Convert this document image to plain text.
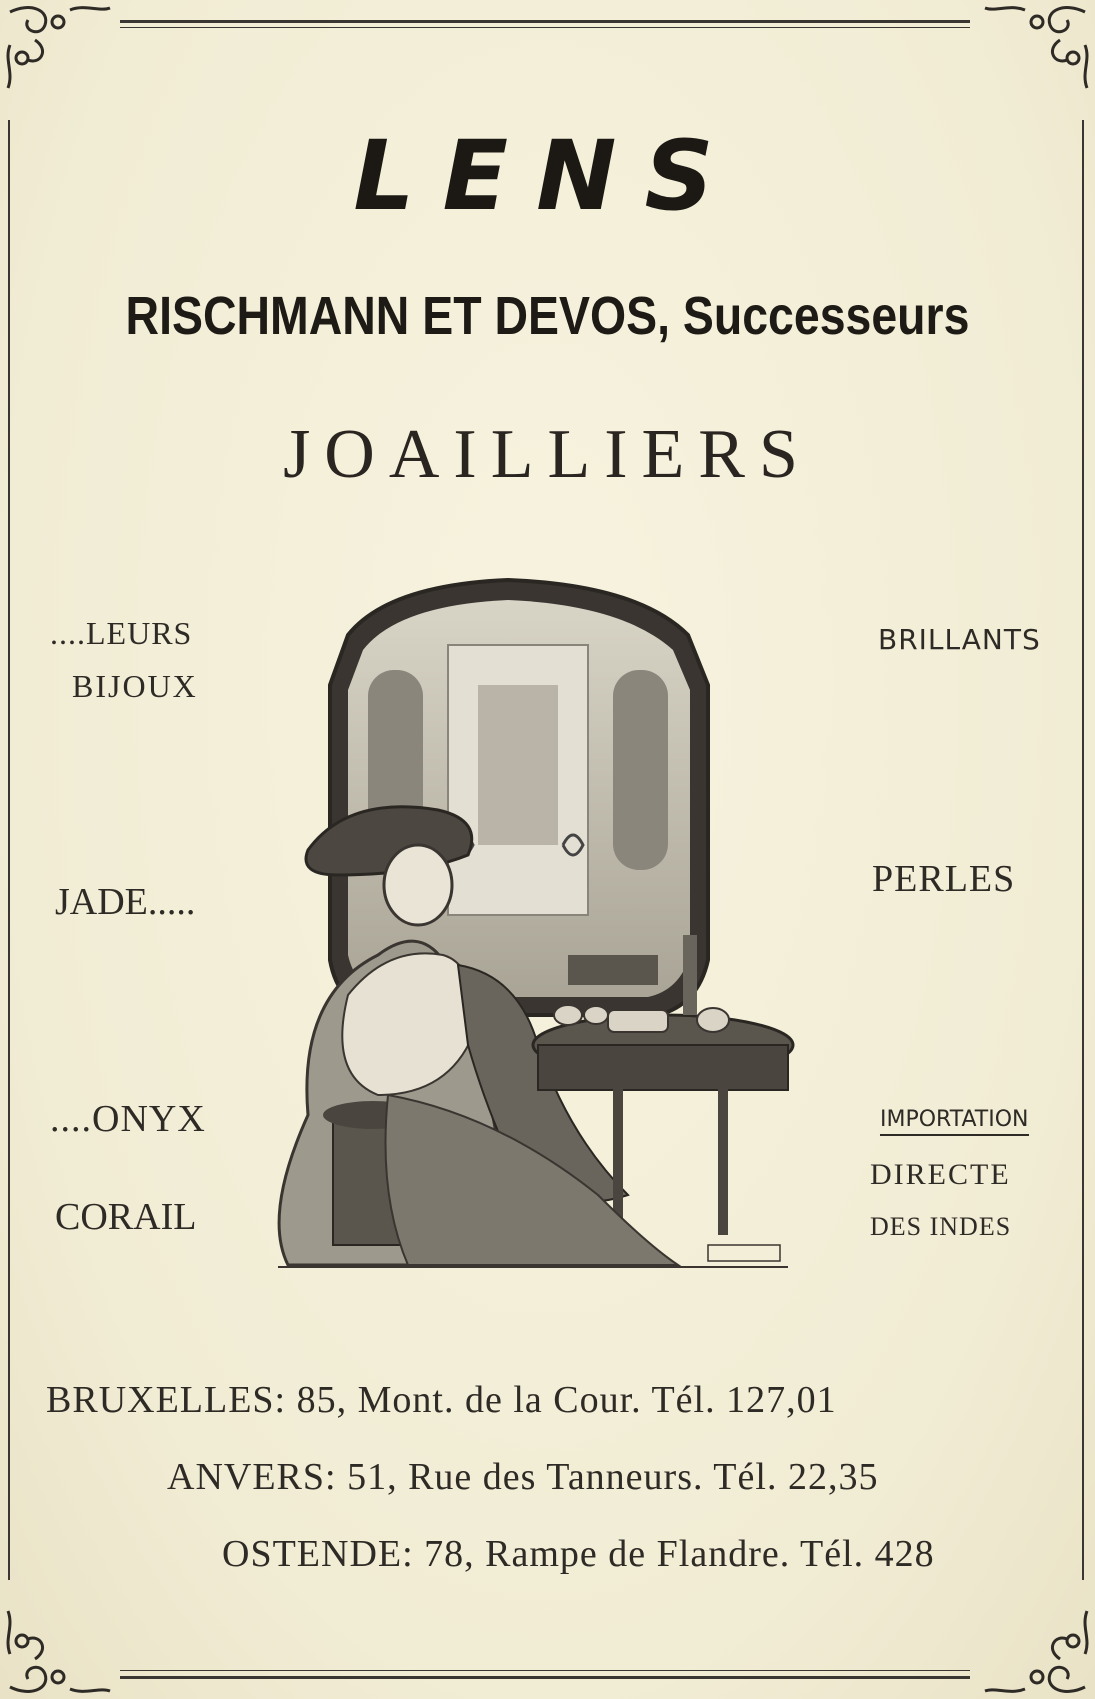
LENS
RISCHMANN ET DEVOS, Successeurs
JOAILLIERS
....LEURS
BIJOUX
JADE.....
....ONYX
CORAIL
BRILLANTS
PERLES
IMPORTATION
DIRECTE
DES INDES
BRUXELLES: 85, Mont. de la Cour. Tél. 127,01
ANVERS: 51, Rue des Tanneurs. Tél. 22,35
OSTENDE: 78, Rampe de Flandre. Tél. 428
